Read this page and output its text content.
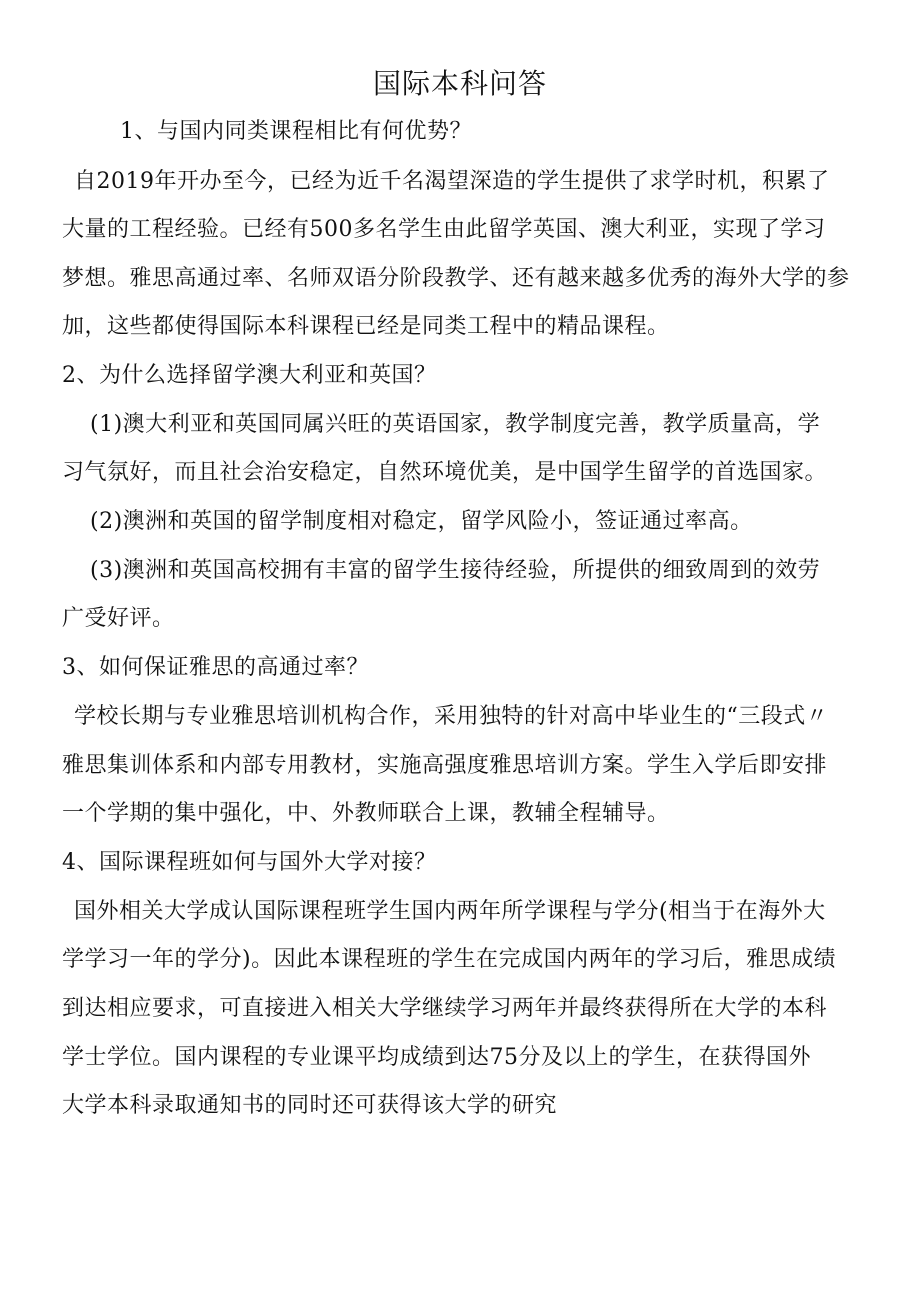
国际本科问答
1、与国内同类课程相比有何优势？
自2019年开办至今，已经为近千名渴望深造的学生提供了求学时机，积累了
大量的工程经验。已经有500多名学生由此留学英国、澳大利亚，实现了学习
梦想。雅思高通过率、名师双语分阶段教学、还有越来越多优秀的海外大学的参
加，这些都使得国际本科课程已经是同类工程中的精品课程。
2、为什么选择留学澳大利亚和英国？
(1)澳大利亚和英国同属兴旺的英语国家，教学制度完善，教学质量高，学
习气氛好，而且社会治安稳定，自然环境优美，是中国学生留学的首选国家。
(2)澳洲和英国的留学制度相对稳定，留学风险小，签证通过率高。
(3)澳洲和英国高校拥有丰富的留学生接待经验，所提供的细致周到的效劳
广受好评。
3、如何保证雅思的高通过率？
学校长期与专业雅思培训机构合作，采用独特的针对高中毕业生的“三段式〃
雅思集训体系和内部专用教材，实施高强度雅思培训方案。学生入学后即安排
一个学期的集中强化，中、外教师联合上课，教辅全程辅导。
4、国际课程班如何与国外大学对接？
国外相关大学成认国际课程班学生国内两年所学课程与学分(相当于在海外大
学学习一年的学分)。因此本课程班的学生在完成国内两年的学习后，雅思成绩
到达相应要求，可直接进入相关大学继续学习两年并最终获得所在大学的本科
学士学位。国内课程的专业课平均成绩到达75分及以上的学生，在获得国外
大学本科录取通知书的同时还可获得该大学的研究
